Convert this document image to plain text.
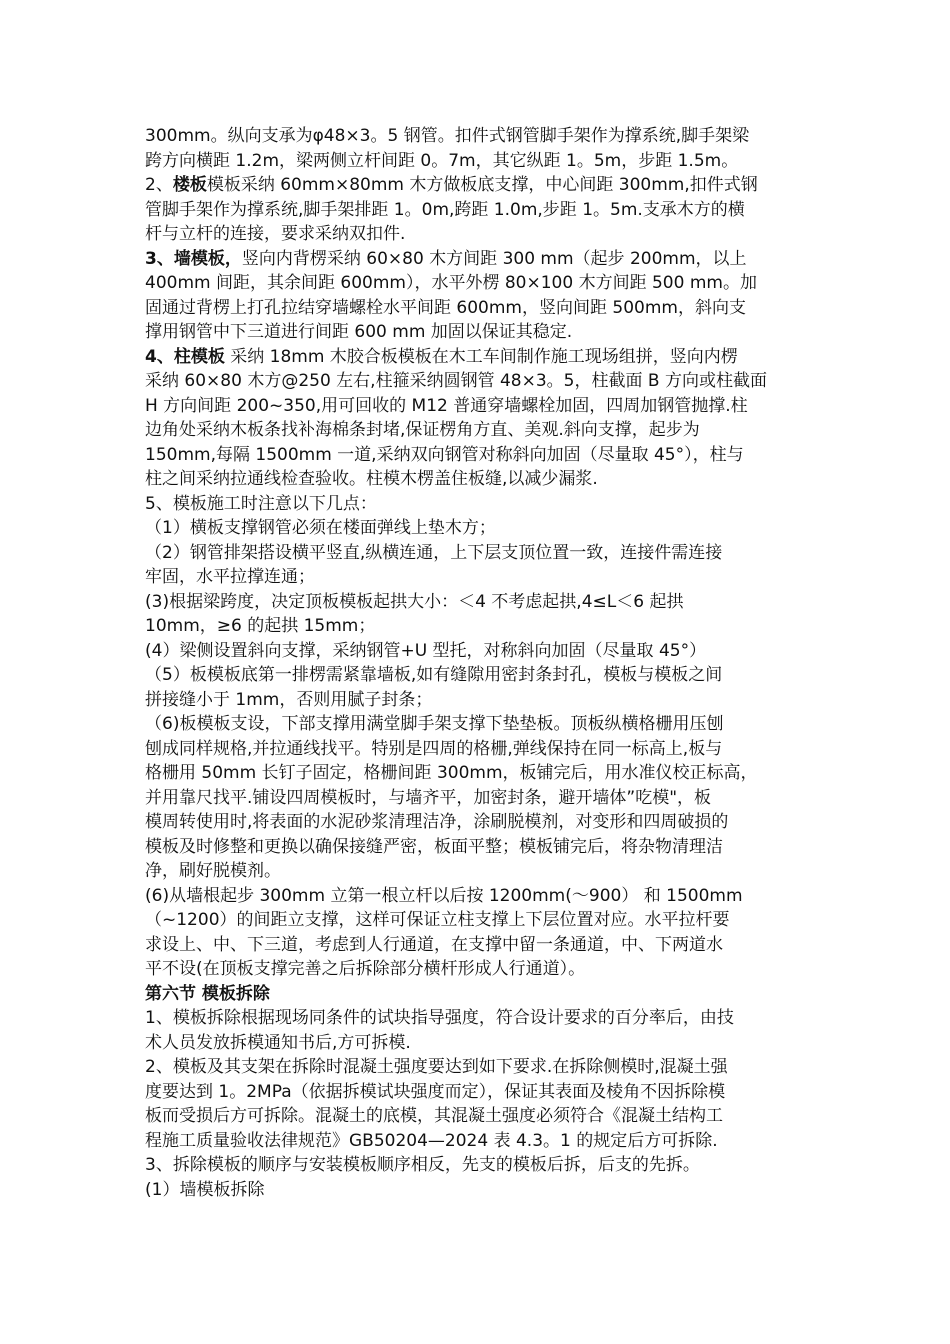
300mm。纵向支承为φ48×3。5 钢管。扣件式钢管脚手架作为撑系统,脚手架梁
跨方向横距 1.2m，梁两侧立杆间距 0。7m，其它纵距 1。5m，步距 1.5m。
2、楼板模板采纳 60mm×80mm 木方做板底支撑，中心间距 300mm,扣件式钢
管脚手架作为撑系统,脚手架排距 1。0m,跨距 1.0m,步距 1。5m.支承木方的横
杆与立杆的连接，要求采纳双扣件.
3、墙模板，竖向内背楞采纳 60×80 木方间距 300 mm（起步 200mm，以上
400mm 间距，其余间距 600mm），水平外楞 80×100 木方间距 500 mm。加
固通过背楞上打孔拉结穿墙螺栓水平间距 600mm，竖向间距 500mm，斜向支
撑用钢管中下三道进行间距 600 mm 加固以保证其稳定.
4、柱模板 采纳 18mm 木胶合板模板在木工车间制作施工现场组拼，竖向内楞
采纳 60×80 木方@250 左右,柱箍采纳圆钢管 48×3。5，柱截面 B 方向或柱截面
H 方向间距 200~350,用可回收的 M12 普通穿墙螺栓加固，四周加钢管抛撑.柱
边角处采纳木板条找补海棉条封堵,保证楞角方直、美观.斜向支撑，起步为
150mm,每隔 1500mm 一道,采纳双向钢管对称斜向加固（尽量取 45°），柱与
柱之间采纳拉通线检查验收。柱模木楞盖住板缝,以减少漏浆.
5、模板施工时注意以下几点：
（1）横板支撑钢管必须在楼面弹线上垫木方；
（2）钢管排架搭设横平竖直,纵横连通，上下层支顶位置一致，连接件需连接
牢固，水平拉撑连通；
(3)根据梁跨度，决定顶板模板起拱大小：＜4 不考虑起拱,4≤L＜6 起拱
10mm，≥6 的起拱 15mm；
(4）梁侧设置斜向支撑，采纳钢管+U 型托，对称斜向加固（尽量取 45°）
（5）板模板底第一排楞需紧靠墙板,如有缝隙用密封条封孔，模板与模板之间
拼接缝小于 1mm，否则用腻子封条；
（6)板模板支设，下部支撑用满堂脚手架支撑下垫垫板。顶板纵横格栅用压刨
刨成同样规格,并拉通线找平。特别是四周的格栅,弹线保持在同一标高上,板与
格栅用 50mm 长钉子固定，格栅间距 300mm，板铺完后，用水准仪校正标高，
并用靠尺找平.铺设四周模板时，与墙齐平，加密封条，避开墙体”吃模"，板
模周转使用时,将表面的水泥砂浆清理洁净，涂刷脱模剂，对变形和四周破损的
模板及时修整和更换以确保接缝严密，板面平整；模板铺完后，将杂物清理洁
净，刷好脱模剂。
(6)从墙根起步 300mm 立第一根立杆以后按 1200mm(～900） 和 1500mm
（~1200）的间距立支撑，这样可保证立柱支撑上下层位置对应。水平拉杆要
求设上、中、下三道，考虑到人行通道，在支撑中留一条通道，中、下两道水
平不设(在顶板支撑完善之后拆除部分横杆形成人行通道）。
第六节 模板拆除
1、模板拆除根据现场同条件的试块指导强度，符合设计要求的百分率后，由技
术人员发放拆模通知书后,方可拆模.
2、模板及其支架在拆除时混凝土强度要达到如下要求.在拆除侧模时,混凝土强
度要达到 1。2MPa（依据拆模试块强度而定），保证其表面及棱角不因拆除模
板而受损后方可拆除。混凝土的底模，其混凝土强度必须符合《混凝土结构工
程施工质量验收法律规范》GB50204—2024 表 4.3。1 的规定后方可拆除.
3、拆除模板的顺序与安装模板顺序相反，先支的模板后拆，后支的先拆。
(1）墙模板拆除
